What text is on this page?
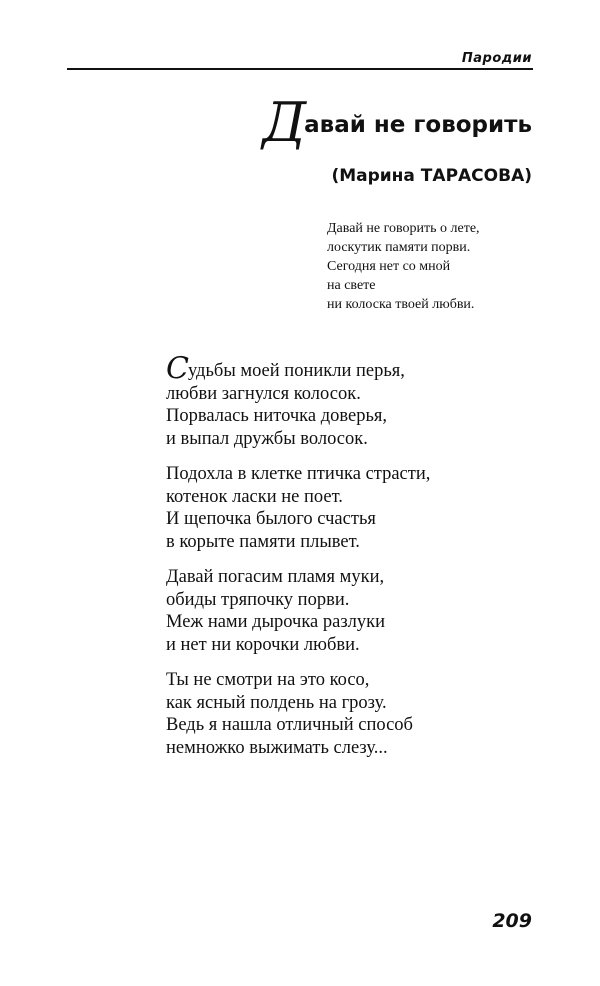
Пародии
Давай не говорить
(Марина ТАРАСОВА)
Давай не говорить о лете,
лоскутик памяти порви.
Сегодня нет со мной
на свете
ни колоска твоей любви.
Судьбы моей поникли перья,
любви загнулся колосок.
Порвалась ниточка доверья,
и выпал дружбы волосок.
Подохла в клетке птичка страсти,
котенок ласки не поет.
И щепочка былого счастья
в корыте памяти плывет.
Давай погасим пламя муки,
обиды тряпочку порви.
Меж нами дырочка разлуки
и нет ни корочки любви.
Ты не смотри на это косо,
как ясный полдень на грозу.
Ведь я нашла отличный способ
немножко выжимать слезу...
209
